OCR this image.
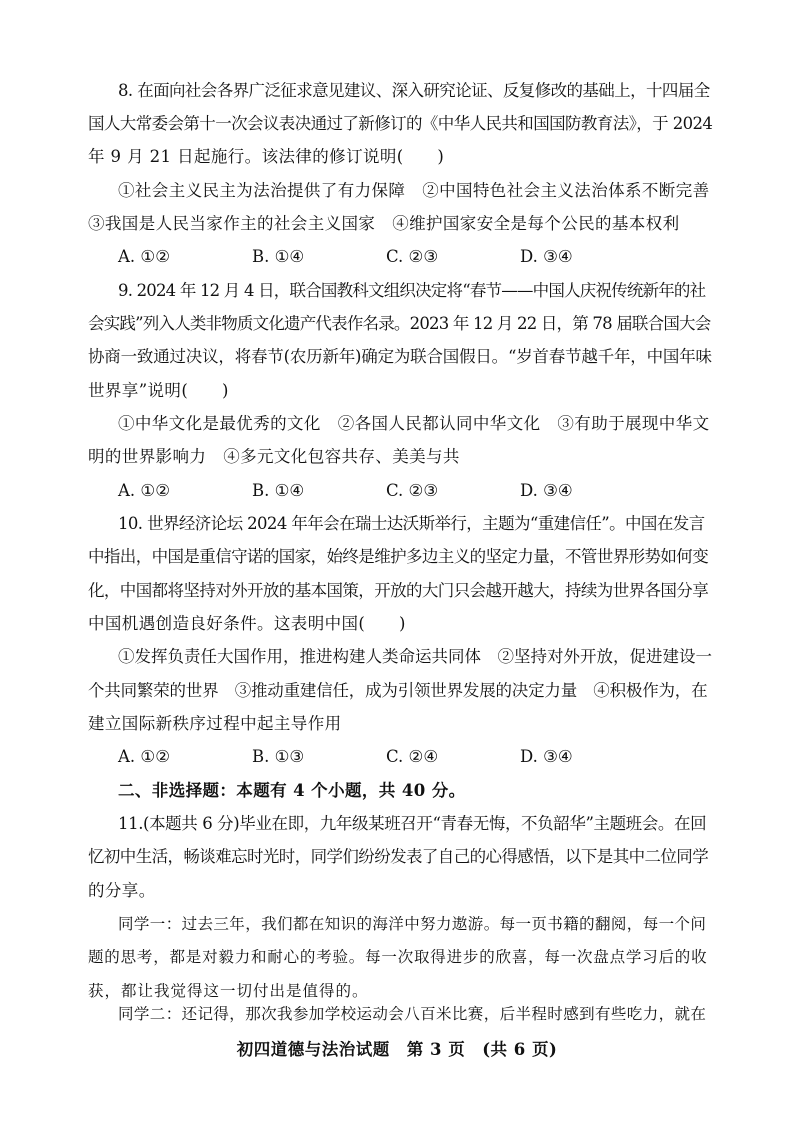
8. 在面向社会各界广泛征求意见建议、深入研究论证、反复修改的基础上，十四届全
国人大常委会第十一次会议表决通过了新修订的《中华人民共和国国防教育法》，于 2024
年 9 月 21 日起施行。该法律的修订说明(　　)
①社会主义民主为法治提供了有力保障　②中国特色社会主义法治体系不断完善
③我国是人民当家作主的社会主义国家　④维护国家安全是每个公民的基本权利
A. ①②	B. ①④	C. ②③	D. ③④
9. 2024 年 12 月 4 日，联合国教科文组织决定将“春节——中国人庆祝传统新年的社
会实践”列入人类非物质文化遗产代表作名录。2023 年 12 月 22 日，第 78 届联合国大会
协商一致通过决议，将春节(农历新年)确定为联合国假日。“岁首春节越千年，中国年味
世界享”说明(　　)
①中华文化是最优秀的文化　②各国人民都认同中华文化　③有助于展现中华文
明的世界影响力　④多元文化包容共存、美美与共
A. ①②	B. ①④	C. ②③	D. ③④
10. 世界经济论坛 2024 年年会在瑞士达沃斯举行，主题为“重建信任”。中国在发言
中指出，中国是重信守诺的国家，始终是维护多边主义的坚定力量，不管世界形势如何变
化，中国都将坚持对外开放的基本国策，开放的大门只会越开越大，持续为世界各国分享
中国机遇创造良好条件。这表明中国(　　)
①发挥负责任大国作用，推进构建人类命运共同体　②坚持对外开放，促进建设一
个共同繁荣的世界　③推动重建信任，成为引领世界发展的决定力量　④积极作为，在
建立国际新秩序过程中起主导作用
A. ①②	B. ①③	C. ②④	D. ③④
二、非选择题：本题有 4 个小题，共 40 分。
11.(本题共 6 分)毕业在即，九年级某班召开“青春无悔，不负韶华”主题班会。在回
忆初中生活，畅谈难忘时光时，同学们纷纷发表了自己的心得感悟，以下是其中二位同学
的分享。
同学一：过去三年，我们都在知识的海洋中努力遨游。每一页书籍的翻阅，每一个问
题的思考，都是对毅力和耐心的考验。每一次取得进步的欣喜，每一次盘点学习后的收
获，都让我觉得这一切付出是值得的。
同学二：还记得，那次我参加学校运动会八百米比赛，后半程时感到有些吃力，就在
初四道德与法治试题　第 3 页　(共 6 页)
